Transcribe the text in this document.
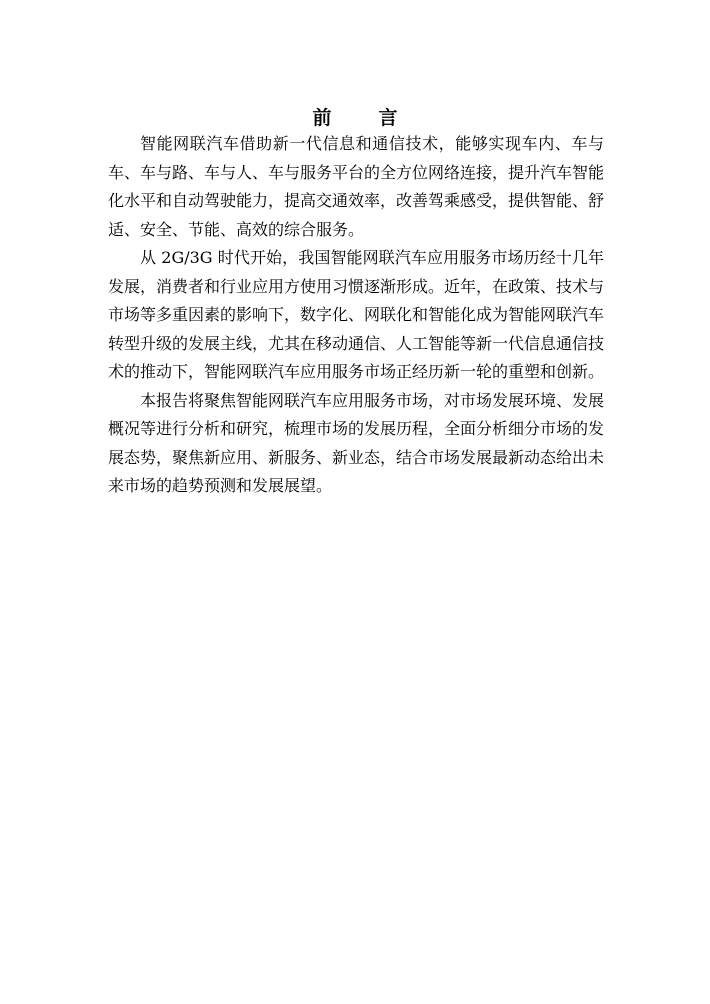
前　言

智能网联汽车借助新一代信息和通信技术，能够实现车内、车与车、车与路、车与人、车与服务平台的全方位网络连接，提升汽车智能化水平和自动驾驶能力，提高交通效率，改善驾乘感受，提供智能、舒适、安全、节能、高效的综合服务。

从 2G/3G 时代开始，我国智能网联汽车应用服务市场历经十几年发展，消费者和行业应用方使用习惯逐渐形成。近年，在政策、技术与市场等多重因素的影响下，数字化、网联化和智能化成为智能网联汽车转型升级的发展主线，尤其在移动通信、人工智能等新一代信息通信技术的推动下，智能网联汽车应用服务市场正经历新一轮的重塑和创新。

本报告将聚焦智能网联汽车应用服务市场，对市场发展环境、发展概况等进行分析和研究，梳理市场的发展历程，全面分析细分市场的发展态势，聚焦新应用、新服务、新业态，结合市场发展最新动态给出未来市场的趋势预测和发展展望。
